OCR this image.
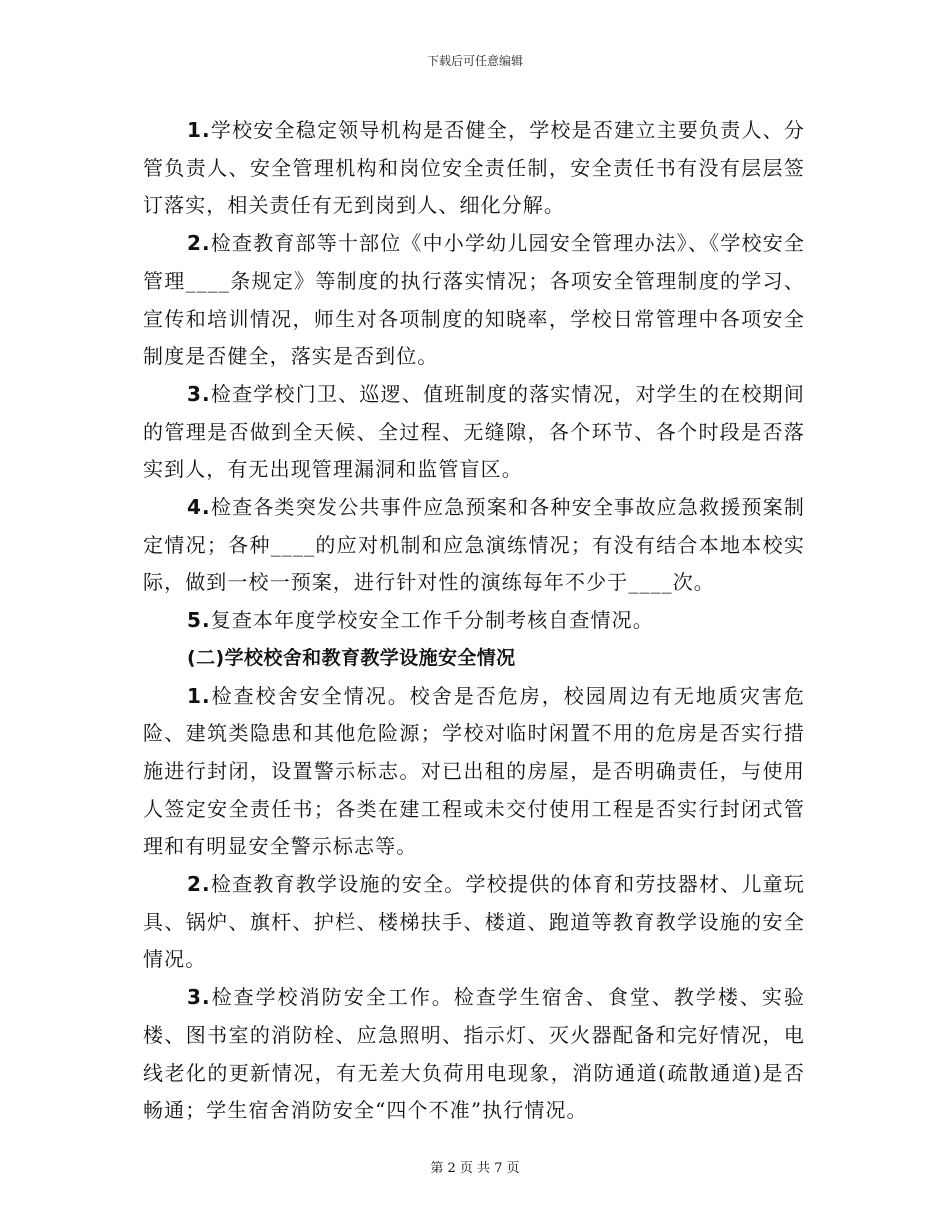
下载后可任意编辑

1.学校安全稳定领导机构是否健全，学校是否建立主要负责人、分管负责人、安全管理机构和岗位安全责任制，安全责任书有没有层层签订落实，相关责任有无到岗到人、细化分解。

2.检查教育部等十部位《中小学幼儿园安全管理办法》、《学校安全管理____条规定》等制度的执行落实情况；各项安全管理制度的学习、宣传和培训情况，师生对各项制度的知晓率，学校日常管理中各项安全制度是否健全，落实是否到位。

3.检查学校门卫、巡逻、值班制度的落实情况，对学生的在校期间的管理是否做到全天候、全过程、无缝隙，各个环节、各个时段是否落实到人，有无出现管理漏洞和监管盲区。

4.检查各类突发公共事件应急预案和各种安全事故应急救援预案制定情况；各种____的应对机制和应急演练情况；有没有结合本地本校实际，做到一校一预案，进行针对性的演练每年不少于____次。

5.复查本年度学校安全工作千分制考核自查情况。

(二)学校校舍和教育教学设施安全情况

1.检查校舍安全情况。校舍是否危房，校园周边有无地质灾害危险、建筑类隐患和其他危险源；学校对临时闲置不用的危房是否实行措施进行封闭，设置警示标志。对已出租的房屋，是否明确责任，与使用人签定安全责任书；各类在建工程或未交付使用工程是否实行封闭式管理和有明显安全警示标志等。

2.检查教育教学设施的安全。学校提供的体育和劳技器材、儿童玩具、锅炉、旗杆、护栏、楼梯扶手、楼道、跑道等教育教学设施的安全情况。

3.检查学校消防安全工作。检查学生宿舍、食堂、教学楼、实验楼、图书室的消防栓、应急照明、指示灯、灭火器配备和完好情况，电线老化的更新情况，有无差大负荷用电现象，消防通道(疏散通道)是否畅通；学生宿舍消防安全“四个不准”执行情况。

第 2 页 共 7 页
